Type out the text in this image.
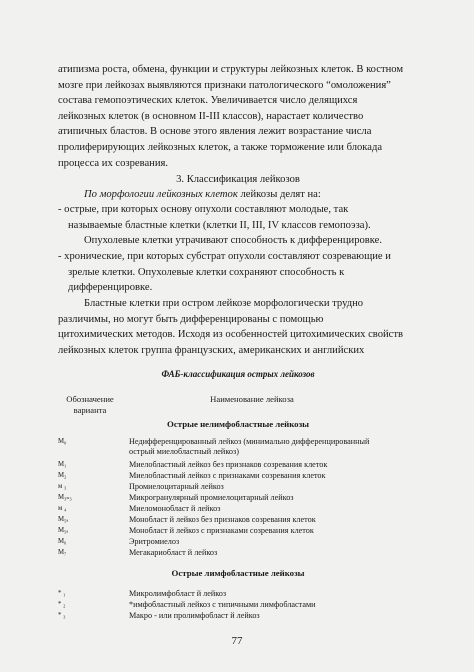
атипизма роста, обмена, функции и структуры лейкозных клеток. В костном
мозге при лейкозах выявляются признаки патологического “омоложения”
состава гемопоэтических клеток. Увеличивается число делящихся
лейкозных клеток (в основном II-III классов), нарастает количество
атипичных бластов. В основе этого явления лежит возрастание числа
пролиферирующих лейкозных клеток, а также торможение или блокада
процесса их созревания.
3. Классификация лейкозов
По морфологии лейкозных клеток лейкозы делят на:
- острые, при которых основу опухоли составляют молодые, так
называемые бластные клетки (клетки II, III, IV классов гемопоэза).
Опухолевые клетки утрачивают способность к дифференцировке.
- хронические, при которых субстрат опухоли составляют созревающие и
зрелые клетки. Опухолевые клетки сохраняют способность к
дифференцировке.
Бластные клетки при остром лейкозе морфологически трудно
различимы, но могут быть дифференцированы с помощью
цитохимических методов. Исходя из особенностей цитохимических свойств
лейкозных клеток группа французских, американских и английских
ФАБ-классификация острых лейкозов
Обозначение
варианта
Наименование лейкоза
Острые нелимфобластные лейкозы
M₀	Недифференцированный лейкоз (минимально дифференцированный
острый миелобластный лейкоз)
M₁	Миелобластный лейкоз без признаков созревания клеток
M₂	Миелобластный лейкоз с признаками созревания клеток
м ₃	Промиелоцитарный лейкоз
M₃ₙ₃	Микрогранулярный промиелоцитарный лейкоз
м ₄	Миеломонобласт й лейкоз
M₅ₐ	Монобласт й лейкоз без признаков созревания клеток
M₅ₐ	Монобласт й лейкоз с признаками созревания клеток
M₆	Эритромиелоз
M₇	Мегакариобласт й лейкоз
Острые лимфобластные лейкозы
* ₁	Микролимфобласт й лейкоз
* ₂	*имфобластный лейкоз с типичными лимфобластами
* ₃	Макро - или пролимфобласт й лейкоз
77
